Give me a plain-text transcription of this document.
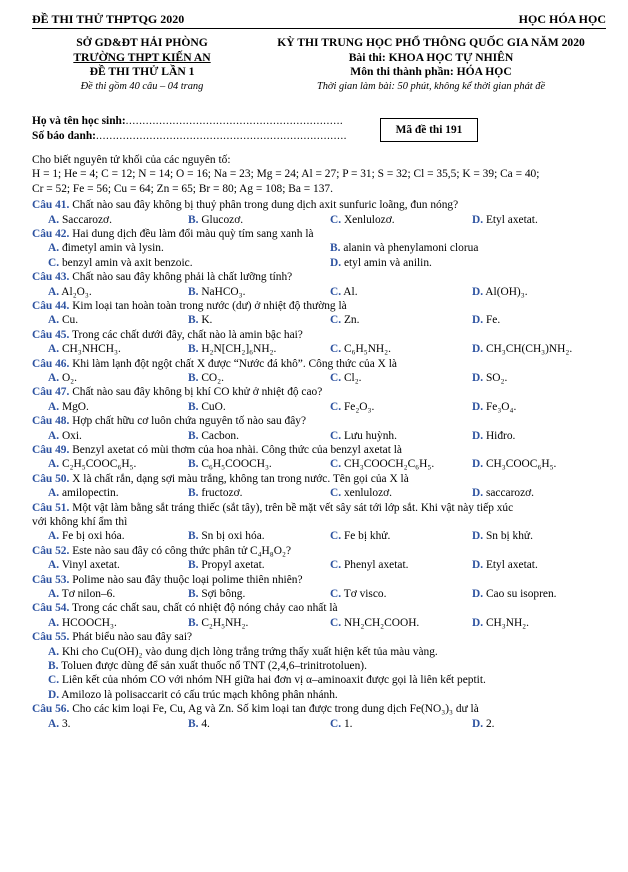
ĐỀ THI THỬ THPTQG 2020	HỌC HÓA HỌC
SỞ GD&ĐT HẢI PHÒNG
TRƯỜNG THPT KIẾN AN
ĐỀ THI THỬ LẦN 1
Đề thi gồm 40 câu – 04 trang
KỲ THI TRUNG HỌC PHỔ THÔNG QUỐC GIA NĂM 2020
Bài thi: KHOA HỌC TỰ NHIÊN
Môn thi thành phần: HÓA HỌC
Thời gian làm bài: 50 phút, không kể thời gian phát đề
Họ và tên học sinh:.................................................................
Số báo danh:...........................................................................	Mã đề thi 191

Cho biết nguyên tử khối của các nguyên tố:

H = 1; He = 4; C = 12; N = 14; O = 16; Na = 23; Mg = 24; Al = 27; P = 31; S = 32; Cl = 35,5; K = 39; Ca = 40;

Cr = 52; Fe = 56; Cu = 64; Zn = 65; Br = 80; Ag = 108; Ba = 137.

Câu 41. Chất nào sau đây không bị thuỷ phân trong dung dịch axit sunfuric loãng, đun nóng?

A. Saccarozơ.	B. Glucozơ.	C. Xenlulozơ.	D. Etyl axetat.

Câu 42. Hai dung dịch đều làm đổi màu quỳ tím sang xanh là

A. đimetyl amin và lysin.	B. alanin và phenylamoni clorua
C. benzyl amin và axit benzoic.	D. etyl amin và anilin.

Câu 43. Chất nào sau đây không phải là chất lưỡng tính?

A. Al₂O₃.	B. NaHCO₃.	C. Al.	D. Al(OH)₃.

Câu 44. Kim loại tan hoàn toàn trong nước (dư) ở nhiệt độ thường là

A. Cu.	B. K.	C. Zn.	D. Fe.

Câu 45. Trong các chất dưới đây, chất nào là amin bậc hai?

A. CH₃NHCH₃.	B. H₂N[CH₂]₆NH₂.	C. C₆H₅NH₂.	D. CH₃CH(CH₃)NH₂.

Câu 46. Khi làm lạnh đột ngột chất X được “Nước đá khô”. Công thức của X là

A. O₂.	B. CO₂.	C. Cl₂.	D. SO₂.

Câu 47. Chất nào sau đây không bị khí CO khử ở nhiệt độ cao?

A. MgO.	B. CuO.	C. Fe₂O₃.	D. Fe₃O₄.

Câu 48. Hợp chất hữu cơ luôn chứa nguyên tố nào sau đây?

A. Oxi.	B. Cacbon.	C. Lưu huỳnh.	D. Hiđro.

Câu 49. Benzyl axetat có mùi thơm của hoa nhài. Công thức của benzyl axetat là

A. C₂H₅COOC₆H₅.	B. C₆H₅COOCH₃.	C. CH₃COOCH₂C₆H₅.	D. CH₃COOC₆H₅.

Câu 50. X là chất rắn, dạng sợi màu trắng, không tan trong nước. Tên gọi của X là

A. amilopectin.	B. fructozơ.	C. xenlulozơ.	D. saccarozơ.

Câu 51. Một vật làm bằng sắt tráng thiếc (sắt tây), trên bề mặt vết sây sát tới lớp sắt. Khi vật này tiếp xúc

với không khí ẩm thì

A. Fe bị oxi hóa.	B. Sn bị oxi hóa.	C. Fe bị khử.	D. Sn bị khử.

Câu 52. Este nào sau đây có công thức phân tử C₄H₈O₂?

A. Vinyl axetat.	B. Propyl axetat.	C. Phenyl axetat.	D. Etyl axetat.

Câu 53. Polime nào sau đây thuộc loại polime thiên nhiên?

A. Tơ nilon–6.	B. Sợi bông.	C. Tơ visco.	D. Cao su isopren.

Câu 54. Trong các chất sau, chất có nhiệt độ nóng chảy cao nhất là

A. HCOOCH₃.	B. C₂H₅NH₂.	C. NH₂CH₂COOH.	D. CH₃NH₂.

Câu 55. Phát biểu nào sau đây sai?

A. Khi cho Cu(OH)₂ vào dung dịch lòng trắng trứng thấy xuất hiện kết tủa màu vàng.

B. Toluen được dùng để sản xuất thuốc nổ TNT (2,4,6–trinitrotoluen).

C. Liên kết của nhóm CO với nhóm NH giữa hai đơn vị α–aminoaxit được gọi là liên kết peptit.

D. Amilozo là polisaccarit có cấu trúc mạch không phân nhánh.

Câu 56. Cho các kim loại Fe, Cu, Ag và Zn. Số kim loại tan được trong dung dịch Fe(NO₃)₃ dư là

A. 3.	B. 4.	C. 1.	D. 2.
